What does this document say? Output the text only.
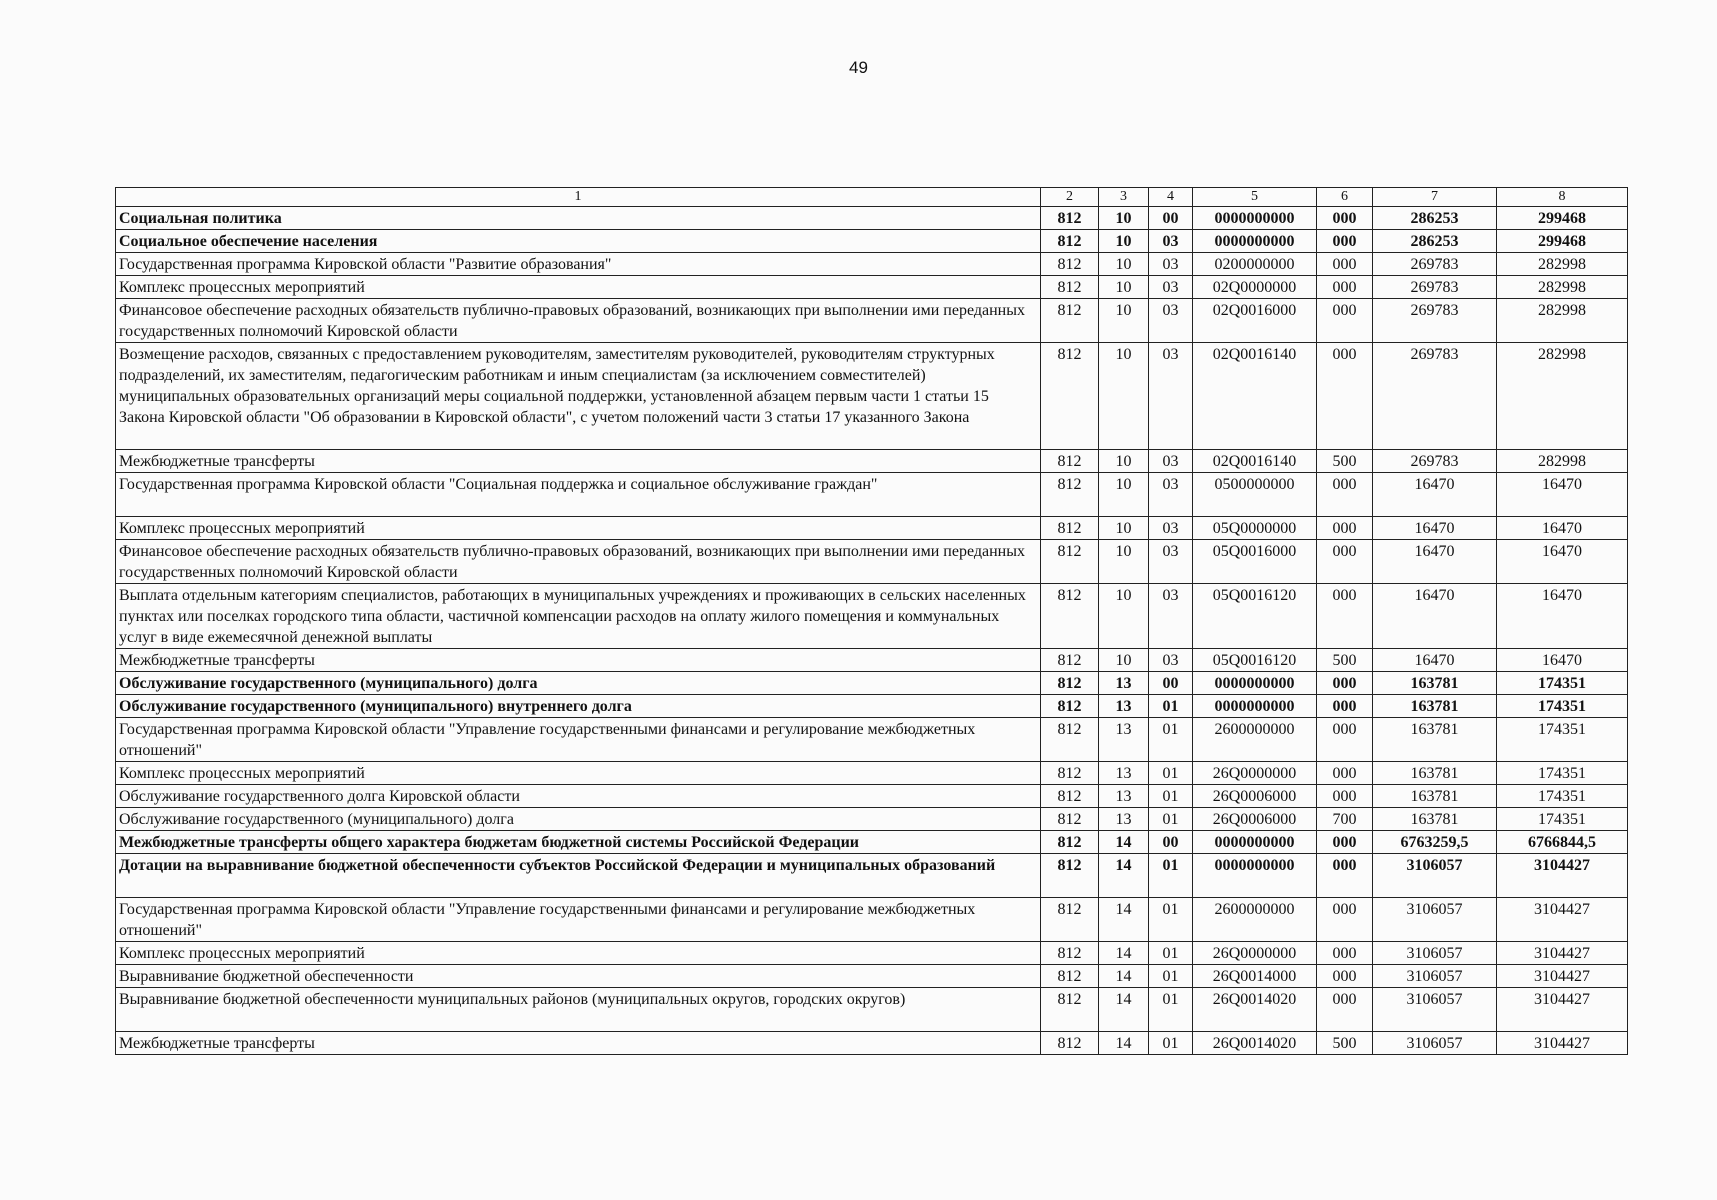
49
1	2	3	4	5	6	7	8
Социальная политика	812	10	00	0000000000	000	286253	299468
Социальное обеспечение населения	812	10	03	0000000000	000	286253	299468
Государственная программа Кировской области "Развитие образования"	812	10	03	0200000000	000	269783	282998
Комплекс процессных мероприятий	812	10	03	02Q0000000	000	269783	282998
Финансовое обеспечение расходных обязательств публично-правовых образований, возникающих при выполнении ими переданных государственных полномочий Кировской области	812	10	03	02Q0016000	000	269783	282998
Возмещение расходов, связанных с предоставлением руководителям, заместителям руководителей, руководителям структурных подразделений, их заместителям, педагогическим работникам и иным специалистам (за исключением совместителей) муниципальных образовательных организаций меры социальной поддержки, установленной абзацем первым части 1 статьи 15 Закона Кировской области "Об образовании в Кировской области", с учетом положений части 3 статьи 17 указанного Закона	812	10	03	02Q0016140	000	269783	282998
Межбюджетные трансферты	812	10	03	02Q0016140	500	269783	282998
Государственная программа Кировской области "Социальная поддержка и социальное обслуживание граждан"	812	10	03	0500000000	000	16470	16470
Комплекс процессных мероприятий	812	10	03	05Q0000000	000	16470	16470
Финансовое обеспечение расходных обязательств публично-правовых образований, возникающих при выполнении ими переданных государственных полномочий Кировской области	812	10	03	05Q0016000	000	16470	16470
Выплата отдельным категориям специалистов, работающих в муниципальных учреждениях и проживающих в сельских населенных пунктах или поселках городского типа области, частичной компенсации расходов на оплату жилого помещения и коммунальных услуг в виде ежемесячной денежной выплаты	812	10	03	05Q0016120	000	16470	16470
Межбюджетные трансферты	812	10	03	05Q0016120	500	16470	16470
Обслуживание государственного (муниципального) долга	812	13	00	0000000000	000	163781	174351
Обслуживание государственного (муниципального) внутреннего долга	812	13	01	0000000000	000	163781	174351
Государственная программа Кировской области "Управление государственными финансами и регулирование межбюджетных отношений"	812	13	01	2600000000	000	163781	174351
Комплекс процессных мероприятий	812	13	01	26Q0000000	000	163781	174351
Обслуживание государственного долга Кировской области	812	13	01	26Q0006000	000	163781	174351
Обслуживание государственного (муниципального) долга	812	13	01	26Q0006000	700	163781	174351
Межбюджетные трансферты общего характера бюджетам бюджетной системы Российской Федерации	812	14	00	0000000000	000	6763259,5	6766844,5
Дотации на выравнивание бюджетной обеспеченности субъектов Российской Федерации и муниципальных образований	812	14	01	0000000000	000	3106057	3104427
Государственная программа Кировской области "Управление государственными финансами и регулирование межбюджетных отношений"	812	14	01	2600000000	000	3106057	3104427
Комплекс процессных мероприятий	812	14	01	26Q0000000	000	3106057	3104427
Выравнивание бюджетной обеспеченности	812	14	01	26Q0014000	000	3106057	3104427
Выравнивание бюджетной обеспеченности муниципальных районов (муниципальных округов, городских округов)	812	14	01	26Q0014020	000	3106057	3104427
Межбюджетные трансферты	812	14	01	26Q0014020	500	3106057	3104427
